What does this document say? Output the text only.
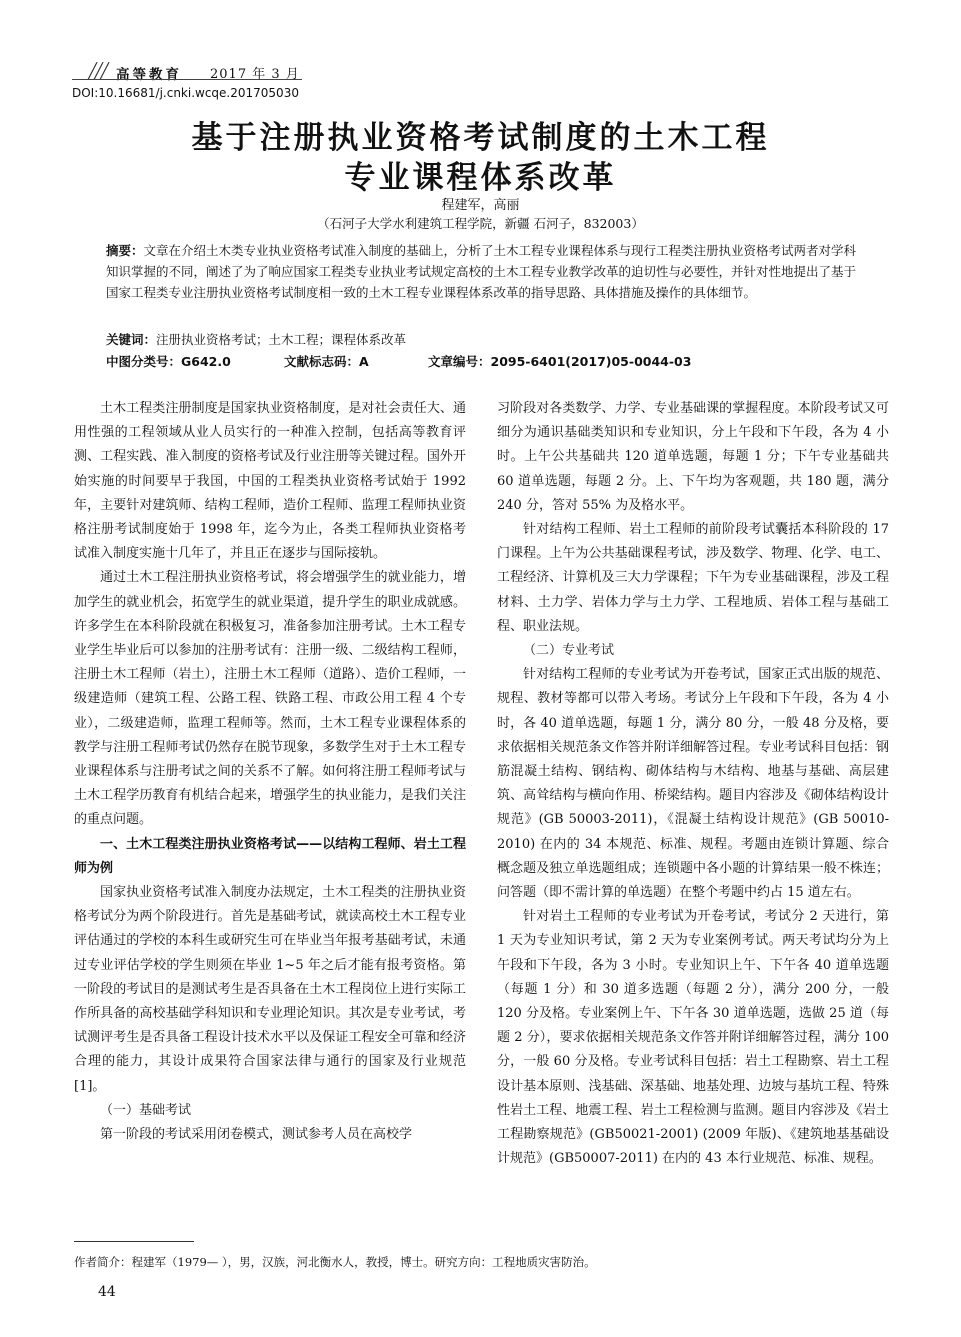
╱╱╱ 高等教育 2017 年 3 月
DOI:10.16681/j.cnki.wcqe.201705030
基于注册执业资格考试制度的土木工程
专业课程体系改革
程建军，高丽
（石河子大学水利建筑工程学院，新疆 石河子，832003）
摘要：文章在介绍土木类专业执业资格考试准入制度的基础上，分析了土木工程专业课程体系与现行工程类注册执业资格考试两者对学科知识掌握的不同，阐述了为了响应国家工程类专业执业考试规定高校的土木工程专业教学改革的迫切性与必要性，并针对性地提出了基于国家工程类专业注册执业资格考试制度相一致的土木工程专业课程体系改革的指导思路、具体措施及操作的具体细节。
关键词：注册执业资格考试；土木工程；课程体系改革
中图分类号：G642.0	文献标志码：A	文章编号：2095-6401(2017)05-0044-03

土木工程类注册制度是国家执业资格制度，是对社会责任大、通用性强的工程领域从业人员实行的一种准入控制，包括高等教育评测、工程实践、准入制度的资格考试及行业注册等关键过程。国外开始实施的时间要早于我国，中国的工程类执业资格考试始于 1992 年，主要针对建筑师、结构工程师，造价工程师、监理工程师执业资格注册考试制度始于 1998 年，迄今为止，各类工程师执业资格考试准入制度实施十几年了，并且正在逐步与国际接轨。

通过土木工程注册执业资格考试，将会增强学生的就业能力，增加学生的就业机会，拓宽学生的就业渠道，提升学生的职业成就感。许多学生在本科阶段就在积极复习，准备参加注册考试。土木工程专业学生毕业后可以参加的注册考试有：注册一级、二级结构工程师，注册土木工程师（岩土），注册土木工程师（道路）、造价工程师，一级建造师（建筑工程、公路工程、铁路工程、市政公用工程 4 个专业），二级建造师，监理工程师等。然而，土木工程专业课程体系的教学与注册工程师考试仍然存在脱节现象，多数学生对于土木工程专业课程体系与注册考试之间的关系不了解。如何将注册工程师考试与土木工程学历教育有机结合起来，增强学生的执业能力，是我们关注的重点问题。

一、土木工程类注册执业资格考试——以结构工程师、岩土工程师为例

国家执业资格考试准入制度办法规定，土木工程类的注册执业资格考试分为两个阶段进行。首先是基础考试，就读高校土木工程专业评估通过的学校的本科生或研究生可在毕业当年报考基础考试，未通过专业评估学校的学生则须在毕业 1~5 年之后才能有报考资格。第一阶段的考试目的是测试考生是否具备在土木工程岗位上进行实际工作所具备的高校基础学科知识和专业理论知识。其次是专业考试，考试测评考生是否具备工程设计技术水平以及保证工程安全可靠和经济合理的能力，其设计成果符合国家法律与通行的国家及行业规范[1]。

（一）基础考试

第一阶段的考试采用闭卷模式，测试参考人员在高校学

习阶段对各类数学、力学、专业基础课的掌握程度。本阶段考试又可细分为通识基础类知识和专业知识，分上午段和下午段，各为 4 小时。上午公共基础共 120 道单选题，每题 1 分；下午专业基础共 60 道单选题，每题 2 分。上、下午均为客观题，共 180 题，满分 240 分，答对 55% 为及格水平。

针对结构工程师、岩土工程师的前阶段考试囊括本科阶段的 17 门课程。上午为公共基础课程考试，涉及数学、物理、化学、电工、工程经济、计算机及三大力学课程；下午为专业基础课程，涉及工程材料、土力学、岩体力学与土力学、工程地质、岩体工程与基础工程、职业法规。

（二）专业考试

针对结构工程师的专业考试为开卷考试，国家正式出版的规范、规程、教材等都可以带入考场。考试分上午段和下午段，各为 4 小时，各 40 道单选题，每题 1 分，满分 80 分，一般 48 分及格，要求依据相关规范条文作答并附详细解答过程。专业考试科目包括：钢筋混凝土结构、钢结构、砌体结构与木结构、地基与基础、高层建筑、高耸结构与横向作用、桥梁结构。题目内容涉及《砌体结构设计规范》(GB 50003-2011)，《混凝土结构设计规范》(GB 50010-2010) 在内的 34 本规范、标准、规程。考题由连锁计算题、综合概念题及独立单选题组成；连锁题中各小题的计算结果一般不株连；问答题（即不需计算的单选题）在整个考题中约占 15 道左右。

针对岩土工程师的专业考试为开卷考试，考试分 2 天进行，第 1 天为专业知识考试，第 2 天为专业案例考试。两天考试均分为上午段和下午段，各为 3 小时。专业知识上午、下午各 40 道单选题（每题 1 分）和 30 道多选题（每题 2 分），满分 200 分，一般 120 分及格。专业案例上午、下午各 30 道单选题，选做 25 道（每题 2 分），要求依据相关规范条文作答并附详细解答过程，满分 100 分，一般 60 分及格。专业考试科目包括：岩土工程勘察、岩土工程设计基本原则、浅基础、深基础、地基处理、边坡与基坑工程、特殊性岩土工程、地震工程、岩土工程检测与监测。题目内容涉及《岩土工程勘察规范》(GB50021-2001) (2009 年版)、《建筑地基基础设计规范》(GB50007-2011) 在内的 43 本行业规范、标准、规程。

作者简介：程建军（1979— ），男，汉族，河北衡水人，教授，博士。研究方向：工程地质灾害防治。
44
